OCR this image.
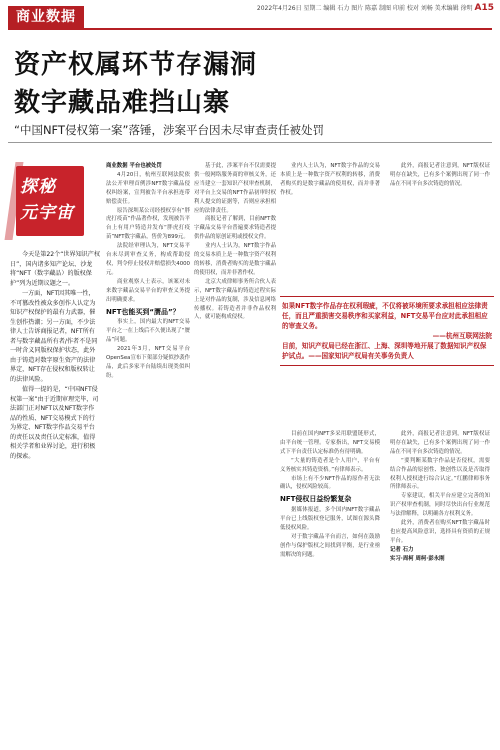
商业数据
2022年4月26日 星期二 编辑 石力 图片 陈嘉 制图 印前 校对 刘畅 美术编辑 徐明 A15
资产权属环节存漏洞
数字藏品难挡山寨
“中国NFT侵权第一案”落锤，涉案平台因未尽审查责任被处罚
探秘
元宇宙

今天是第22个“世界知识产权日”，国内诸多知产论坛、沙龙将“NFT（数字藏品）的版权保护”列为近期议题之一。

一方面，NFT因其唯一性，不可篡改性被众多创作人认定为知识产权保护的最有力武器，催生创作热潮；另一方面，不少法律人士告诉商报记者，NFT所有者与数字藏品所有者/作者不是同一时含义同版权保护状态，此外由于铸造对数字原生资产的法律界定，NFT存在侵权和版权转让的法律风险。

值得一提的是，“中国NFT侵权第一案”由于近期审理完毕，司法部门正对NFT以及NFT数字作品的性质、NFT交易模式下的行为界定、NFT数字作品交易平台的责任以及责任认定标准，值得相关学者和业界讨论，进行积极的探索。

商业数据 平台也被处罚

4月20日，杭州互联网法院依法公开审理首例涉NFT数字藏品侵权纠纷案，宣判被告平台承担连带赔偿责任。

原告深圳某公司经授权享有“胖虎打疫苗”作品著作权，发现被告平台上有用户铸造并发布“胖虎打疫苗”NFT数字藏品，售价为899元。

法院经审理认为，NFT交易平台未尽到审查义务，构成帮助侵权，判令停止侵权并赔偿损失4000元。

商业观察人士表示，该案对未来数字藏品交易平台的审查义务提出明确要求。

NFT也能买到“赝品”？

事实上，国内最大的NFT交易平台之一在上线后不久便出现了“赝品”问题。

2021年3月，NFT交易平台OpenSea宣布下架部分疑似抄袭作品，此后多家平台陆续出现类似纠纷。

基于此，涉案平台不仅需要提供一般网络服务商的审核义务，还应当建立一套知识产权审查机制，对平台上交易的NFT作品初审时权利人提交的证据等，否则应承担相应的法律责任。

商报记者了解到，目前NFT数字藏品交易平台普遍要求铸造者提供作品的原创证明或授权文件。

业内人士认为，NFT数字作品的交易本质上是一种数字资产权利的转移，消费者购买的是数字藏品的使用权，而并非著作权。

北京大成律师事务所合伙人表示，NFT数字藏品的铸造过程实际上是对作品的复制，涉及信息网络传播权。若铸造者并非作品权利人，就可能构成侵权。

目前在国内NFT多采用联盟链形式，由平台统一管理。专家指出，NFT交易模式下平台责任认定标准仍有待明确。

“大量的铸造者是个人用户，平台有义务核实其铸造资格。”有律师表示。

市场上有不少NFT作品的原作者无法确认，侵权风险较高。

NFT侵权日益纷繁复杂

据媒体报道，多个国内NFT数字藏品平台已上线版权登记服务，试图在源头降低侵权风险。

对于数字藏品平台而言，如何在鼓励创作与保护版权之间找到平衡，是行业亟需解决的问题。

此外，商报记者注意到，NFT版权证明存在缺失，已有多个案例出现了同一作品在不同平台多次铸造的情况。

“要判断某数字作品是否侵权，需要结合作品的原创性、独创性以及是否取得权利人授权进行综合认定。”红鹏律师事务所律师表示。

专家建议，相关平台应建立完善的知识产权审查机制，同时尽快出台行业规范与法律解释，以明确各方权利义务。

此外，消费者在购买NFT数字藏品时也应提高风险意识，选择具有资质的正规平台。

记者 石力
实习·周柯 周柯·彭永刚

业内人士认为，NFT数字作品的交易本质上是一种数字资产权利的转移，消费者购买的是数字藏品的使用权，而并非著作权。

此外，商报记者注意到，NFT版权证明存在缺失，已有多个案例出现了同一作品在不同平台多次铸造的情况。

如果NFT数字作品存在权利瑕疵，不仅将被环境所要求承担相应法律责任，而且严重损害交易秩序和买家利益，NFT交易平台应对此承担相应的审查义务。
——杭州互联网法院
目前，知识产权局已经在浙江、上海、深圳等地开展了数据知识产权保护试点。——国家知识产权局有关事务负责人
